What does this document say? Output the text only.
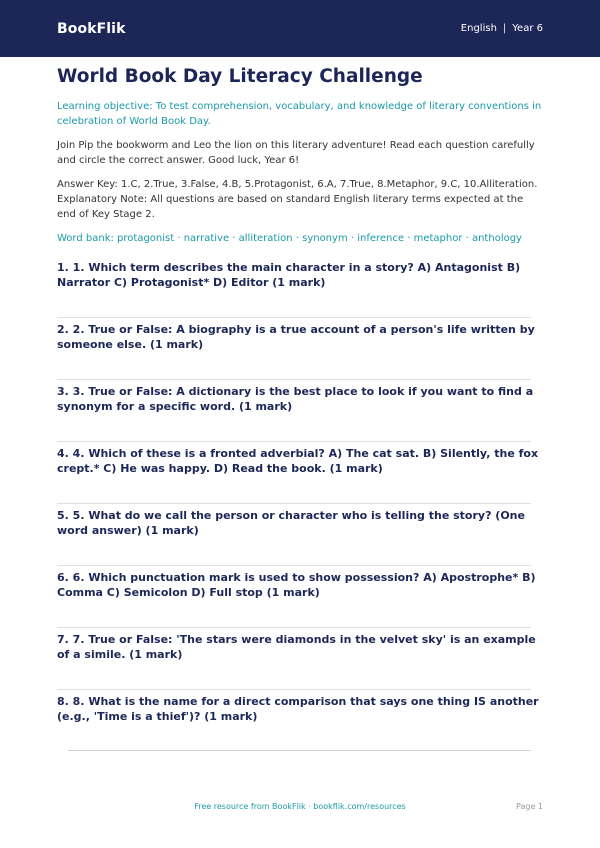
BookFlik	English | Year 6
World Book Day Literacy Challenge
Learning objective: To test comprehension, vocabulary, and knowledge of literary conventions in celebration of World Book Day.
Join Pip the bookworm and Leo the lion on this literary adventure! Read each question carefully and circle the correct answer. Good luck, Year 6!
Answer Key: 1.C, 2.True, 3.False, 4.B, 5.Protagonist, 6.A, 7.True, 8.Metaphor, 9.C, 10.Alliteration. Explanatory Note: All questions are based on standard English literary terms expected at the end of Key Stage 2.
Word bank: protagonist · narrative · alliteration · synonym · inference · metaphor · anthology
1. 1. Which term describes the main character in a story? A) Antagonist B) Narrator C) Protagonist* D) Editor (1 mark)
2. 2. True or False: A biography is a true account of a person's life written by someone else. (1 mark)
3. 3. True or False: A dictionary is the best place to look if you want to find a synonym for a specific word. (1 mark)
4. 4. Which of these is a fronted adverbial? A) The cat sat. B) Silently, the fox crept.* C) He was happy. D) Read the book. (1 mark)
5. 5. What do we call the person or character who is telling the story? (One word answer) (1 mark)
6. 6. Which punctuation mark is used to show possession? A) Apostrophe* B) Comma C) Semicolon D) Full stop (1 mark)
7. 7. True or False: 'The stars were diamonds in the velvet sky' is an example of a simile. (1 mark)
8. 8. What is the name for a direct comparison that says one thing IS another (e.g., 'Time is a thief')? (1 mark)
Free resource from BookFlik · bookflik.com/resources	Page 1
